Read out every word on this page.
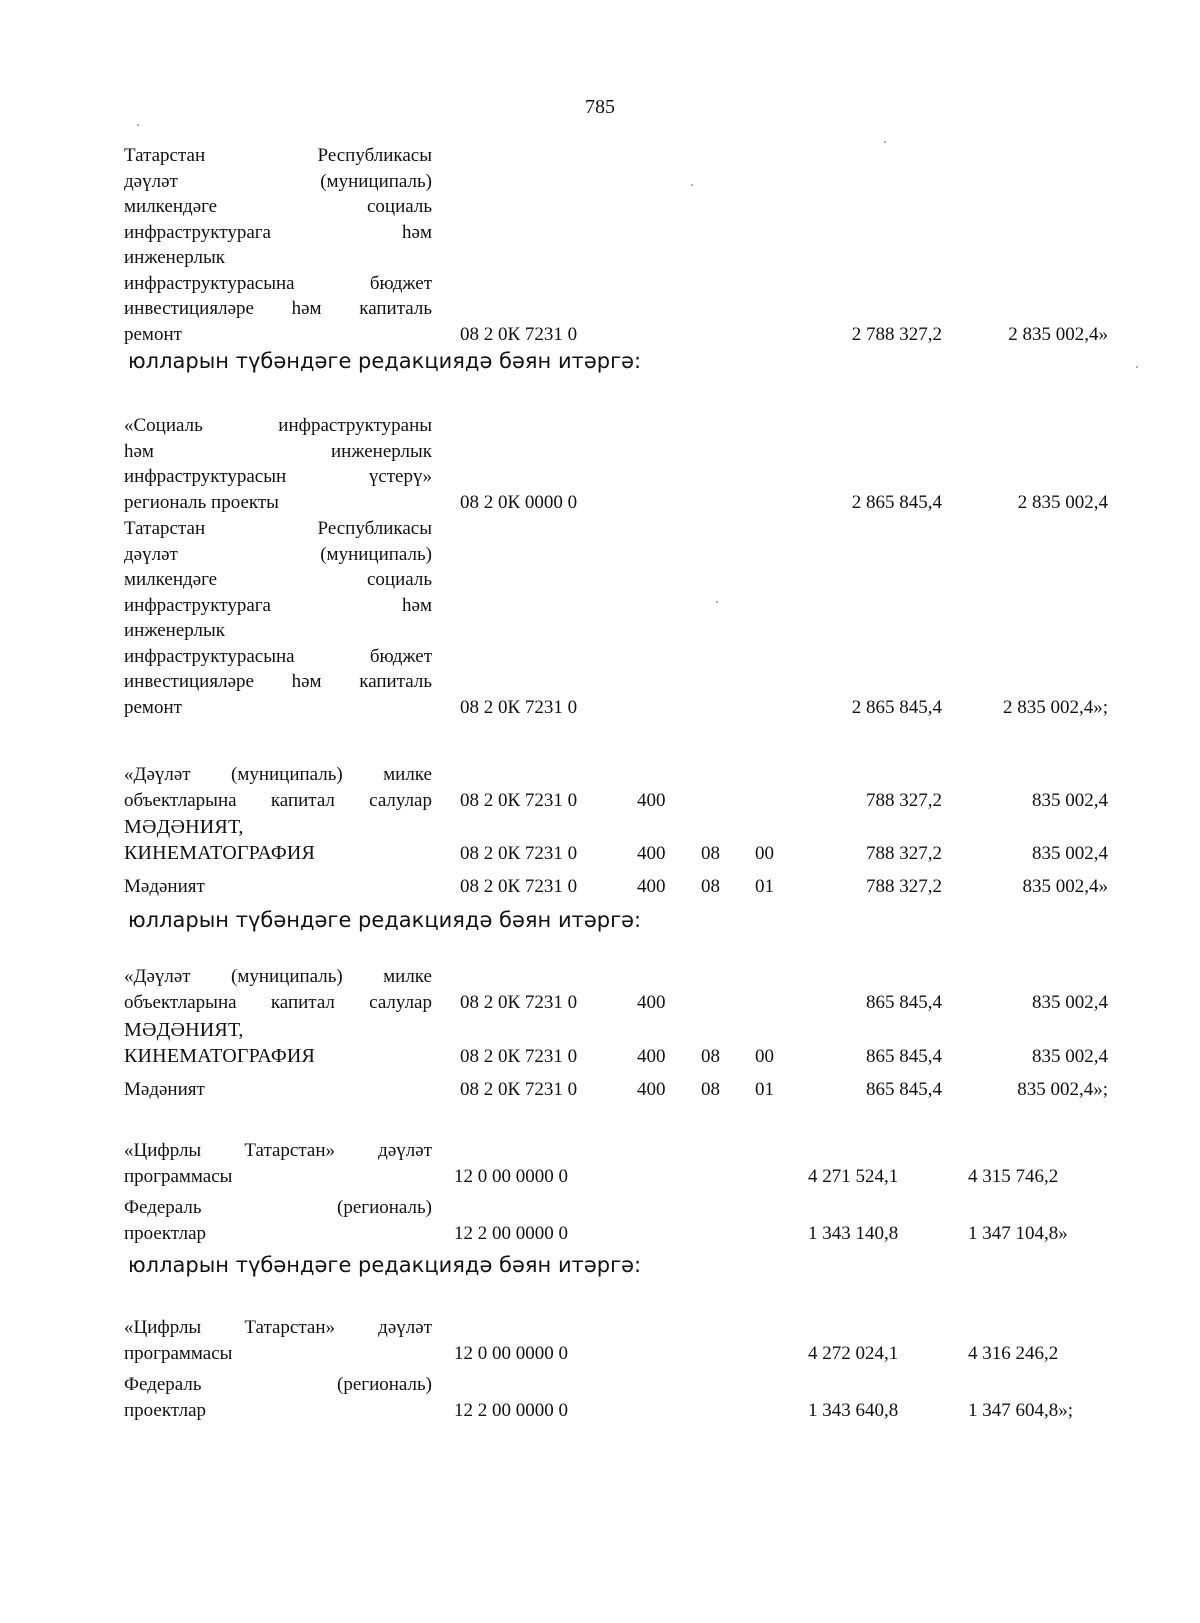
785
Татарстан Республикасы
дәүләт (муниципаль)
милкендәге социаль
инфраструктурага һәм
инженерлык
инфраструктурасына бюджет
инвестицияләре һәм капиталь
ремонт	08 2 0К 7231 0	2 788 327,2	2 835 002,4»
юлларын түбәндәге редакциядә бәян итәргә:
«Социаль инфраструктураны
һәм инженерлык
инфраструктурасын үстерү»
региональ проекты	08 2 0К 0000 0	2 865 845,4	2 835 002,4
Татарстан Республикасы
дәүләт (муниципаль)
милкендәге социаль
инфраструктурага һәм
инженерлык
инфраструктурасына бюджет
инвестицияләре һәм капиталь
ремонт	08 2 0К 7231 0	2 865 845,4	2 835 002,4»;
«Дәүләт (муниципаль) милке
объектларына капитал салулар 08 2 0К 7231 0	400	788 327,2	835 002,4
МӘДӘНИЯТ,
КИНЕМАТОГРАФИЯ	08 2 0К 7231 0	400 08 00	788 327,2	835 002,4
Мәдәният	08 2 0К 7231 0	400 08 01	788 327,2	835 002,4»
юлларын түбәндәге редакциядә бәян итәргә:
«Дәүләт (муниципаль) милке
объектларына капитал салулар 08 2 0К 7231 0	400	865 845,4	835 002,4
МӘДӘНИЯТ,
КИНЕМАТОГРАФИЯ	08 2 0К 7231 0	400 08 00	865 845,4	835 002,4
Мәдәният	08 2 0К 7231 0	400 08 01	865 845,4	835 002,4»;
«Цифрлы Татарстан» дәүләт
программасы	12 0 00 0000 0	4 271 524,1	4 315 746,2
Федераль (региональ)
проектлар	12 2 00 0000 0	1 343 140,8	1 347 104,8»
юлларын түбәндәге редакциядә бәян итәргә:
«Цифрлы Татарстан» дәүләт
программасы	12 0 00 0000 0	4 272 024,1	4 316 246,2
Федераль (региональ)
проектлар	12 2 00 0000 0	1 343 640,8	1 347 604,8»;
